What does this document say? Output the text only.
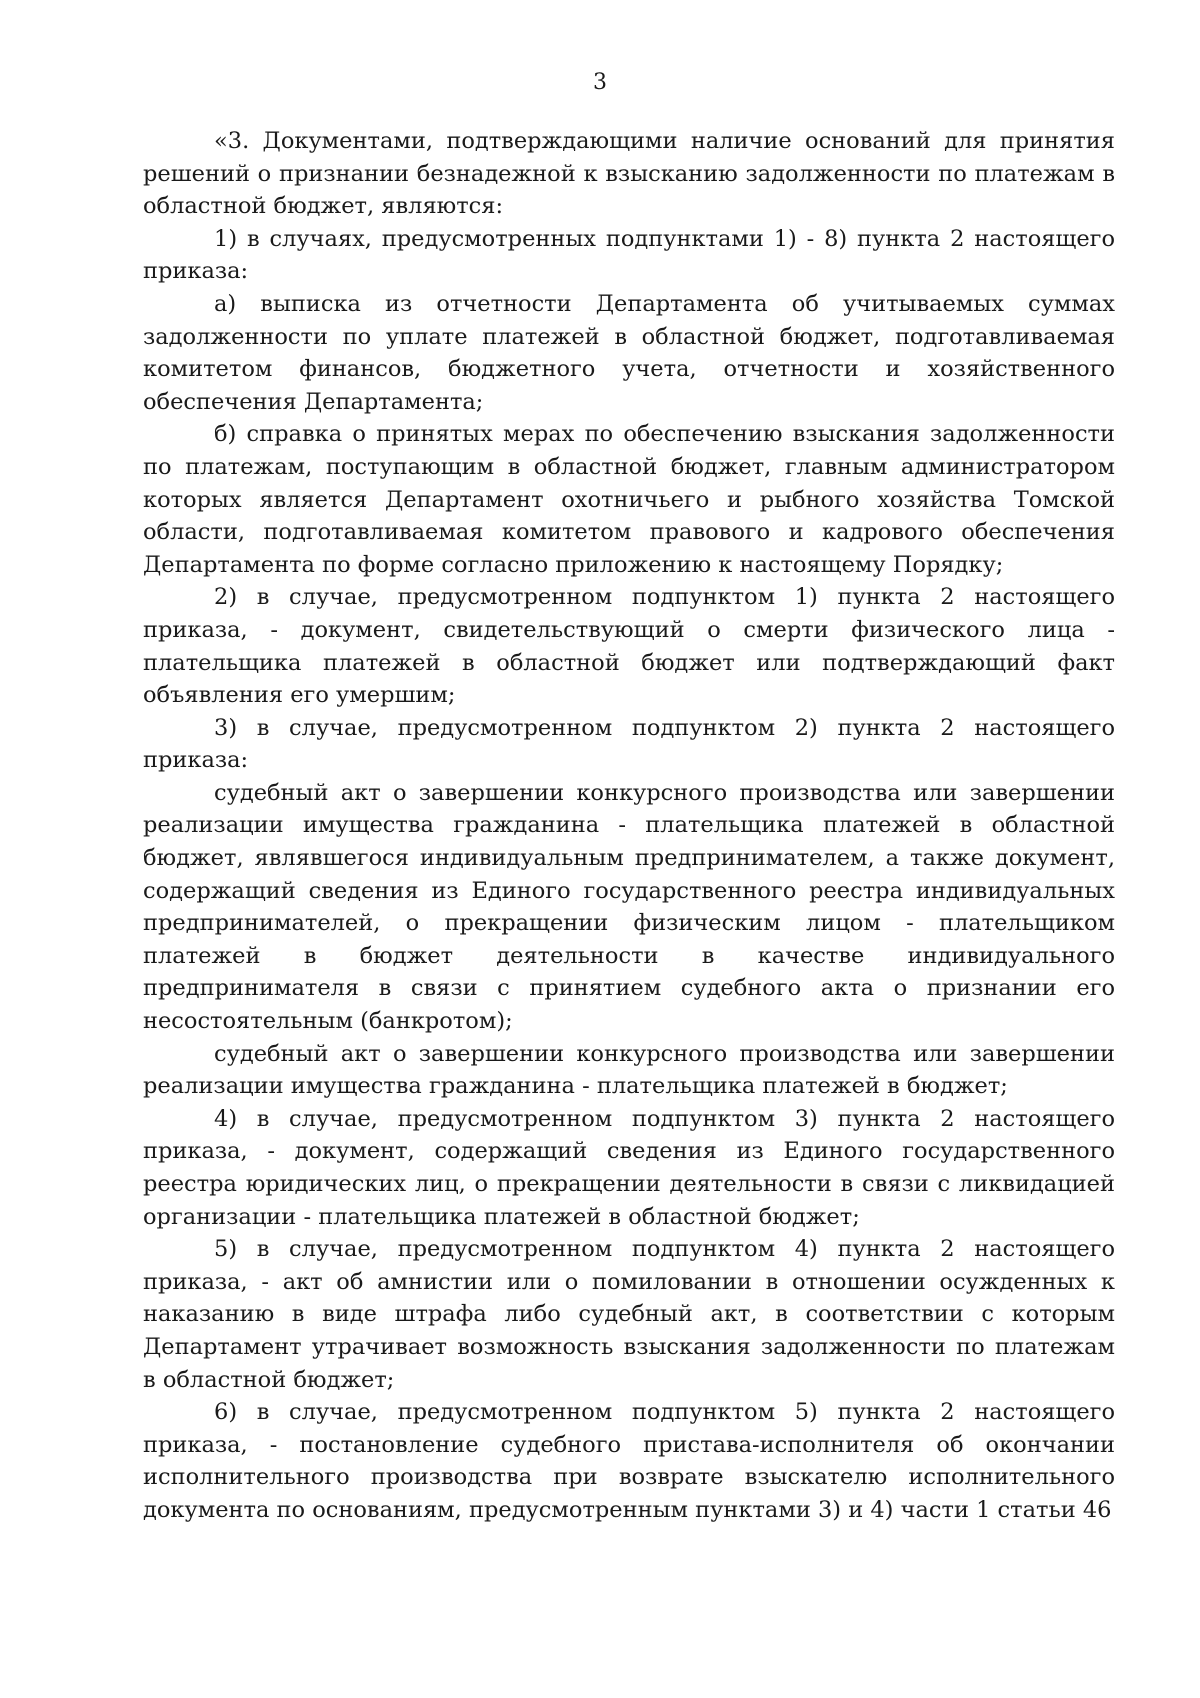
3

«3. Документами, подтверждающими наличие оснований для принятия решений о признании безнадежной к взысканию задолженности по платежам в областной бюджет, являются:

1) в случаях, предусмотренных подпунктами 1) - 8) пункта 2 настоящего приказа:

а) выписка из отчетности Департамента об учитываемых суммах задолженности по уплате платежей в областной бюджет, подготавливаемая комитетом финансов, бюджетного учета, отчетности и хозяйственного обеспечения Департамента;

б) справка о принятых мерах по обеспечению взыскания задолженности по платежам, поступающим в областной бюджет, главным администратором которых является Департамент охотничьего и рыбного хозяйства Томской области, подготавливаемая комитетом правового и кадрового обеспечения Департамента по форме согласно приложению к настоящему Порядку;

2) в случае, предусмотренном подпунктом 1) пункта 2 настоящего приказа, - документ, свидетельствующий о смерти физического лица - плательщика платежей в областной бюджет или подтверждающий факт объявления его умершим;

3) в случае, предусмотренном подпунктом 2) пункта 2 настоящего приказа:

судебный акт о завершении конкурсного производства или завершении реализации имущества гражданина - плательщика платежей в областной бюджет, являвшегося индивидуальным предпринимателем, а также документ, содержащий сведения из Единого государственного реестра индивидуальных предпринимателей, о прекращении физическим лицом - плательщиком платежей в бюджет деятельности в качестве индивидуального предпринимателя в связи с принятием судебного акта о признании его несостоятельным (банкротом);

судебный акт о завершении конкурсного производства или завершении реализации имущества гражданина - плательщика платежей в бюджет;

4) в случае, предусмотренном подпунктом 3) пункта 2 настоящего приказа, - документ, содержащий сведения из Единого государственного реестра юридических лиц, о прекращении деятельности в связи с ликвидацией организации - плательщика платежей в областной бюджет;

5) в случае, предусмотренном подпунктом 4) пункта 2 настоящего приказа, - акт об амнистии или о помиловании в отношении осужденных к наказанию в виде штрафа либо судебный акт, в соответствии с которым Департамент утрачивает возможность взыскания задолженности по платежам в областной бюджет;

6) в случае, предусмотренном подпунктом 5) пункта 2 настоящего приказа, - постановление судебного пристава-исполнителя об окончании исполнительного производства при возврате взыскателю исполнительного документа по основаниям, предусмотренным пунктами 3) и 4) части 1 статьи 46
